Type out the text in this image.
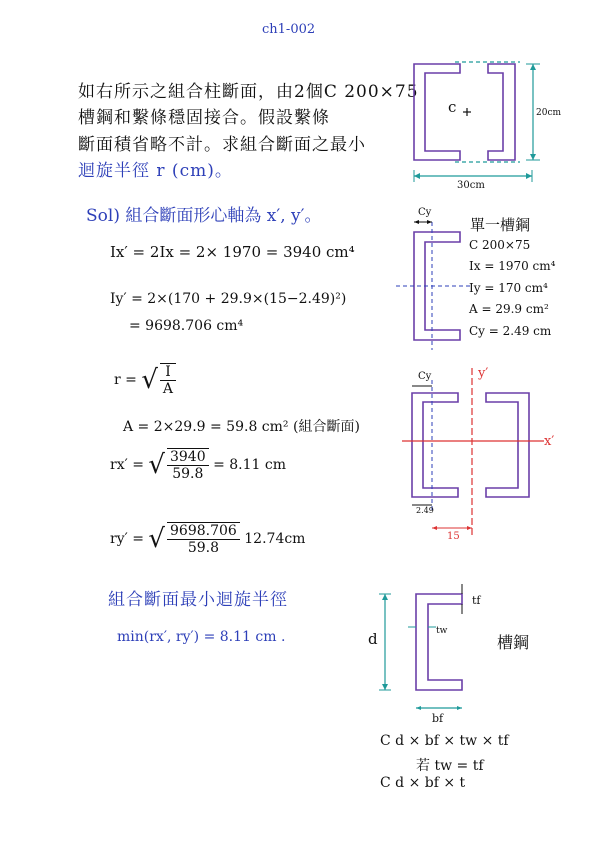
ch1-002
如右所示之組合柱斷面，由2個C 200×75
槽鋼和繫條穩固接合。假設繫條
斷面積省略不計。求組合斷面之最小
迴旋半徑 r (cm)。
c	20cm
30cm
Sol) 組合斷面形心軸為 x′, y′。
Ix′ = 2Ix = 2× 1970 = 3940 cm⁴
Iy′ = 2×(170 + 29.9×(15−2.49)²)
= 9698.706 cm⁴
r = √ $\frac{I}{A}$
A = 2×29.9 = 59.8 cm² (組合斷面)
rx′ = √ $\frac{3940}{59.8} = 8.11$ cm
ry′ = √ $\frac{9698.706}{59.8} 12.74cm$
Cy
單一槽鋼
C 200×75
Ix = 1970 cm⁴
Iy = 170 cm⁴
A = 29.9 cm²
Cy = 2.49 cm
Cy	y′
x′
2.49
15
組合斷面最小迴旋半徑
min(rx′, ry′) = 8.11 cm .	d
tf
tw
bf
槽鋼
C d × bf × tw × tf
若 tw = tf
C d × bf × t
